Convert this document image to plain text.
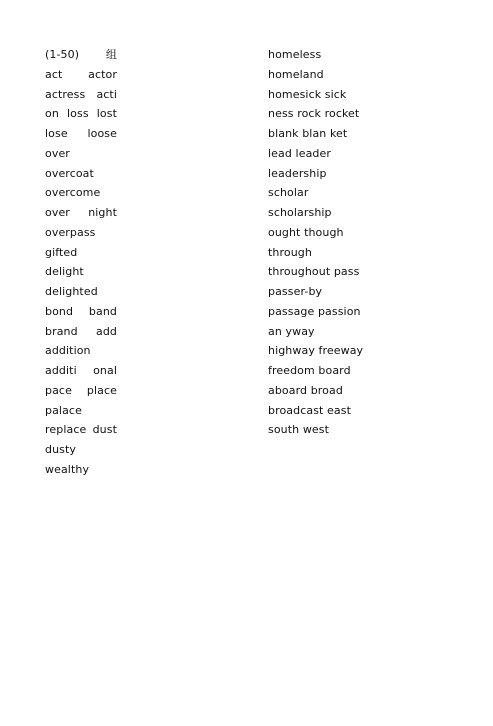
(1-50) 组
act actor
actress acti
on loss lost
lose loose
over
overcoat
overcome
over night
overpass
gifted
delight
delighted
bond band
brand add
addition
additi onal
pace place
palace
replace dust
dusty
wealthy
homeless
homeland
homesick sick
ness rock rocket
blank blan ket
lead leader
leadership
scholar
scholarship
ought though
through
throughout pass
passer-by
passage passion
an yway
highway freeway
freedom board
aboard broad
broadcast east
south west
